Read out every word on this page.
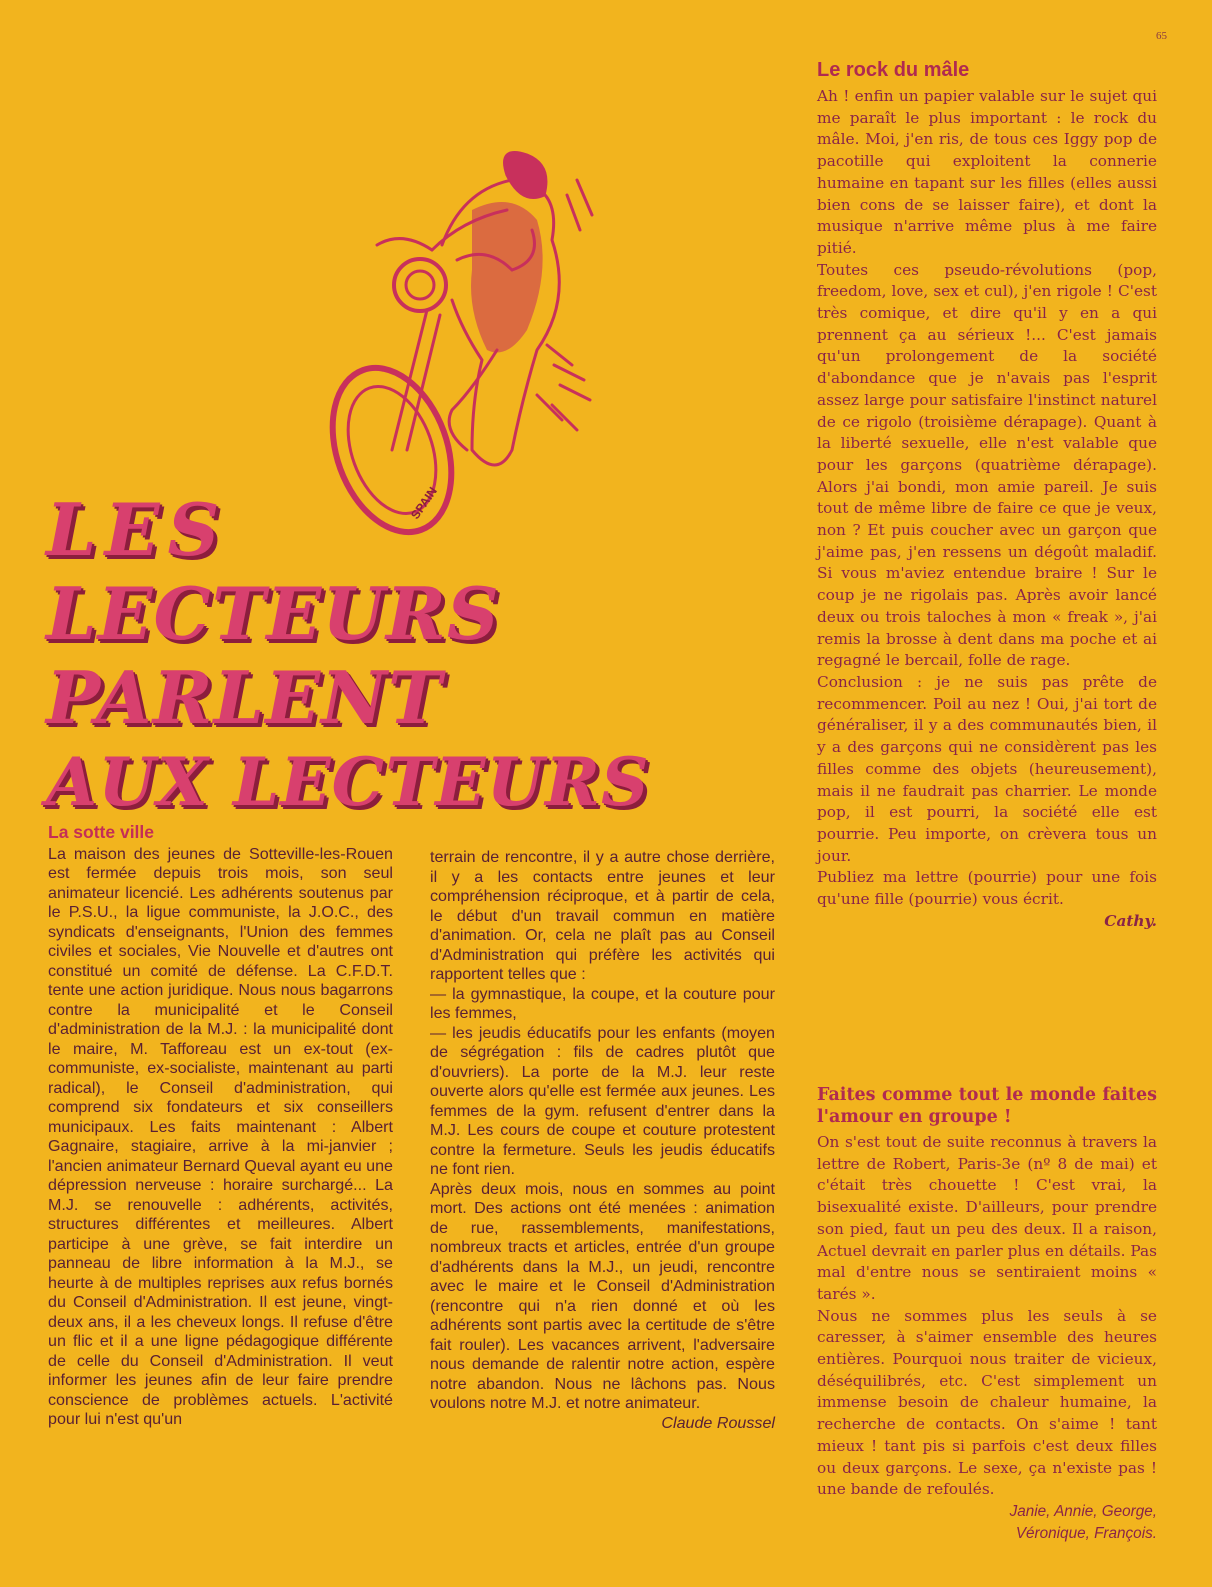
65
SPAIN
LES
LECTEURS
PARLENT
AUX LECTEURS
La sotte ville

La maison des jeunes de Sotteville-les-Rouen est fermée depuis trois mois, son seul animateur licencié. Les adhérents soutenus par le P.S.U., la ligue communiste, la J.O.C., des syndicats d'enseignants, l'Union des femmes civiles et sociales, Vie Nouvelle et d'autres ont constitué un comité de défense. La C.F.D.T. tente une action juridique. Nous nous bagarrons contre la municipalité et le Conseil d'administration de la M.J. : la municipalité dont le maire, M. Tafforeau est un ex-tout (ex-communiste, ex-socialiste, maintenant au parti radical), le Conseil d'administration, qui comprend six fondateurs et six conseillers municipaux. Les faits maintenant : Albert Gagnaire, stagiaire, arrive à la mi-janvier ; l'ancien animateur Bernard Queval ayant eu une dépression nerveuse : horaire surchargé... La M.J. se renouvelle : adhérents, activités, structures différentes et meilleures. Albert participe à une grève, se fait interdire un panneau de libre information à la M.J., se heurte à de multiples reprises aux refus bornés du Conseil d'Administration. Il est jeune, vingt-deux ans, il a les cheveux longs. Il refuse d'être un flic et il a une ligne pédagogique différente de celle du Conseil d'Administration. Il veut informer les jeunes afin de leur faire prendre conscience de problèmes actuels. L'activité pour lui n'est qu'un

terrain de rencontre, il y a autre chose derrière, il y a les contacts entre jeunes et leur compréhension réciproque, et à partir de cela, le début d'un travail commun en matière d'animation. Or, cela ne plaît pas au Conseil d'Administration qui préfère les activités qui rapportent telles que :

— la gymnastique, la coupe, et la couture pour les femmes,

— les jeudis éducatifs pour les enfants (moyen de ségrégation : fils de cadres plutôt que d'ouvriers). La porte de la M.J. leur reste ouverte alors qu'elle est fermée aux jeunes. Les femmes de la gym. refusent d'entrer dans la M.J. Les cours de coupe et couture protestent contre la fermeture. Seuls les jeudis éducatifs ne font rien.

Après deux mois, nous en sommes au point mort. Des actions ont été menées : animation de rue, rassemblements, manifestations, nombreux tracts et articles, entrée d'un groupe d'adhérents dans la M.J., un jeudi, rencontre avec le maire et le Conseil d'Administration (rencontre qui n'a rien donné et où les adhérents sont partis avec la certitude de s'être fait rouler). Les vacances arrivent, l'adversaire nous demande de ralentir notre action, espère notre abandon. Nous ne lâchons pas. Nous voulons notre M.J. et notre animateur.

Claude Roussel

Le rock du mâle

Ah ! enfin un papier valable sur le sujet qui me paraît le plus important : le rock du mâle. Moi, j'en ris, de tous ces Iggy pop de pacotille qui exploitent la connerie humaine en tapant sur les filles (elles aussi bien cons de se laisser faire), et dont la musique n'arrive même plus à me faire pitié.

Toutes ces pseudo-révolutions (pop, freedom, love, sex et cul), j'en rigole ! C'est très comique, et dire qu'il y en a qui prennent ça au sérieux !... C'est jamais qu'un prolongement de la société d'abondance que je n'avais pas l'esprit assez large pour satisfaire l'instinct naturel de ce rigolo (troisième dérapage). Quant à la liberté sexuelle, elle n'est valable que pour les garçons (quatrième dérapage). Alors j'ai bondi, mon amie pareil. Je suis tout de même libre de faire ce que je veux, non ? Et puis coucher avec un garçon que j'aime pas, j'en ressens un dégoût maladif. Si vous m'aviez entendue braire ! Sur le coup je ne rigolais pas. Après avoir lancé deux ou trois taloches à mon « freak », j'ai remis la brosse à dent dans ma poche et ai regagné le bercail, folle de rage.

Conclusion : je ne suis pas prête de recommencer. Poil au nez ! Oui, j'ai tort de généraliser, il y a des communautés bien, il y a des garçons qui ne considèrent pas les filles comme des objets (heureusement), mais il ne faudrait pas charrier. Le monde pop, il est pourri, la société elle est pourrie. Peu importe, on crèvera tous un jour.

Publiez ma lettre (pourrie) pour une fois qu'une fille (pourrie) vous écrit.

Cathy.

Faites comme tout le monde faites l'amour en groupe !

On s'est tout de suite reconnus à travers la lettre de Robert, Paris-3e (nº 8 de mai) et c'était très chouette ! C'est vrai, la bisexualité existe. D'ailleurs, pour prendre son pied, faut un peu des deux. Il a raison, Actuel devrait en parler plus en détails. Pas mal d'entre nous se sentiraient moins « tarés ».

Nous ne sommes plus les seuls à se caresser, à s'aimer ensemble des heures entières. Pourquoi nous traiter de vicieux, déséquilibrés, etc. C'est simplement un immense besoin de chaleur humaine, la recherche de contacts. On s'aime ! tant mieux ! tant pis si parfois c'est deux filles ou deux garçons. Le sexe, ça n'existe pas ! une bande de refoulés.

Janie, Annie, George,

Véronique, François.
